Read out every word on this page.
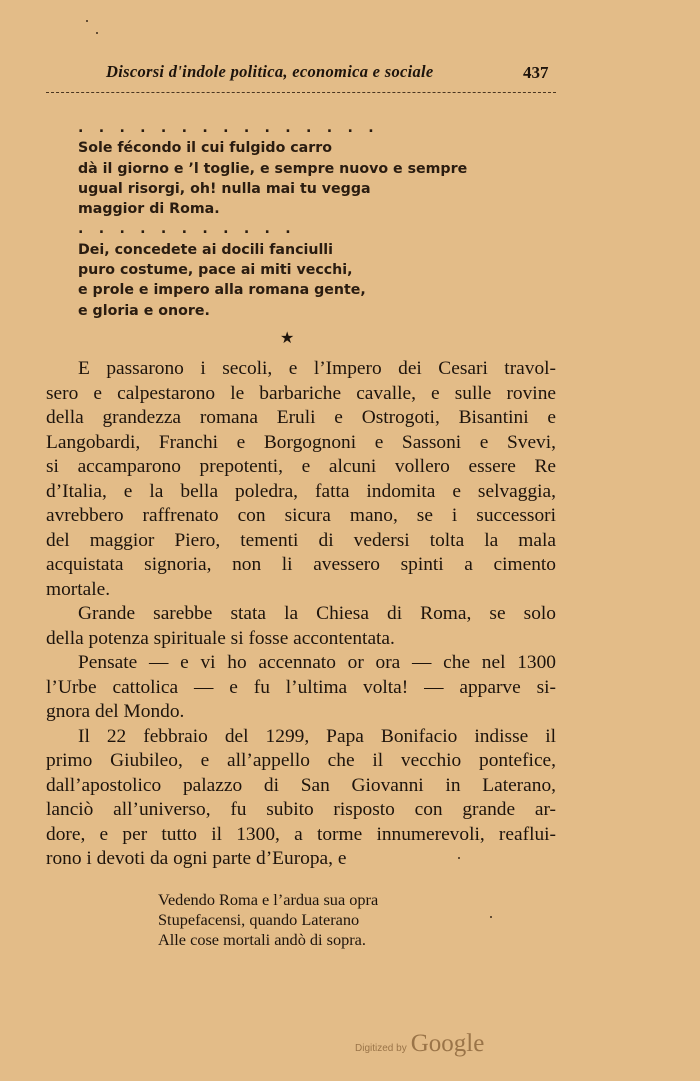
Discorsi d'indole politica, economica e sociale	437
. . . . . . . . . . . . . . .
Sole fécondo il cui fulgido carro
dà il giorno e ’l toglie, e sempre nuovo e sempre
ugual risorgi, oh! nulla mai tu vegga
maggior di Roma.
. . . . . . . . . . .
Dei, concedete ai docili fanciulli
puro costume, pace ai miti vecchi,
e prole e impero alla romana gente,
e gloria e onore.
★
E passarono i secoli, e l’Impero dei Cesari travol-
sero e calpestarono le barbariche cavalle, e sulle rovine
della grandezza romana Eruli e Ostrogoti, Bisantini e
Langobardi, Franchi e Borgognoni e Sassoni e Svevi,
si accamparono prepotenti, e alcuni vollero essere Re
d’Italia, e la bella poledra, fatta indomita e selvaggia,
avrebbero raffrenato con sicura mano, se i successori
del maggior Piero, tementi di vedersi tolta la mala
acquistata signoria, non li avessero spinti a cimento
mortale.
Grande sarebbe stata la Chiesa di Roma, se solo
della potenza spirituale si fosse accontentata.
Pensate — e vi ho accennato or ora — che nel 1300
l’Urbe cattolica — e fu l’ultima volta! — apparve si-
gnora del Mondo.
Il 22 febbraio del 1299, Papa Bonifacio indisse il
primo Giubileo, e all’appello che il vecchio pontefice,
dall’apostolico palazzo di San Giovanni in Laterano,
lanciò all’universo, fu subito risposto con grande ar-
dore, e per tutto il 1300, a torme innumerevoli, reaflui-
rono i devoti da ogni parte d’Europa, e
Vedendo Roma e l’ardua sua opra
Stupefacensi, quando Laterano
Alle cose mortali andò di sopra.
Digitized by Google
